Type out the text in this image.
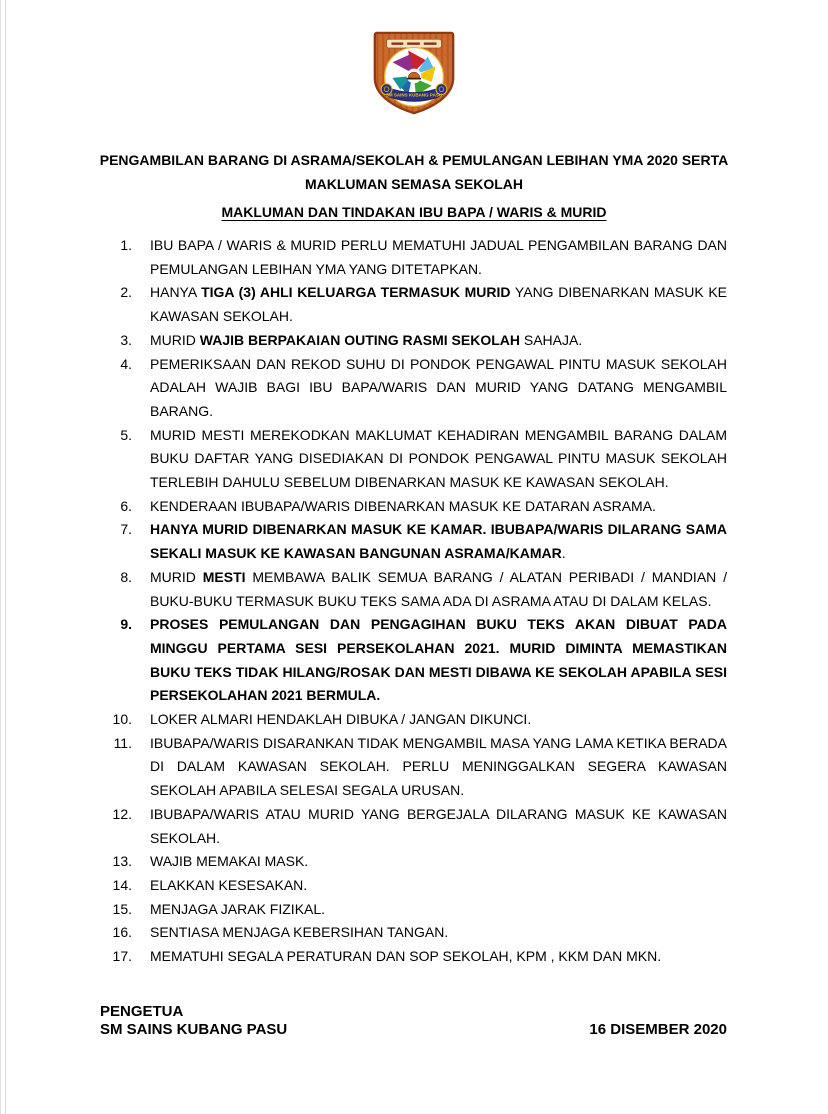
SM SAINS KUBANG PASU
PENGAMBILAN BARANG DI ASRAMA/SEKOLAH & PEMULANGAN LEBIHAN YMA 2020 SERTA
MAKLUMAN SEMASA SEKOLAH
MAKLUMAN DAN TINDAKAN IBU BAPA / WARIS & MURID
1. IBU BAPA / WARIS & MURID PERLU MEMATUHI JADUAL PENGAMBILAN BARANG DAN PEMULANGAN LEBIHAN YMA YANG DITETAPKAN.
2. HANYA TIGA (3) AHLI KELUARGA TERMASUK MURID YANG DIBENARKAN MASUK KE KAWASAN SEKOLAH.
3. MURID WAJIB BERPAKAIAN OUTING RASMI SEKOLAH SAHAJA.
4. PEMERIKSAAN DAN REKOD SUHU DI PONDOK PENGAWAL PINTU MASUK SEKOLAH ADALAH WAJIB BAGI IBU BAPA/WARIS DAN MURID YANG DATANG MENGAMBIL BARANG.
5. MURID MESTI MEREKODKAN MAKLUMAT KEHADIRAN MENGAMBIL BARANG DALAM BUKU DAFTAR YANG DISEDIAKAN DI PONDOK PENGAWAL PINTU MASUK SEKOLAH TERLEBIH DAHULU SEBELUM DIBENARKAN MASUK KE KAWASAN SEKOLAH.
6. KENDERAAN IBUBAPA/WARIS DIBENARKAN MASUK KE DATARAN ASRAMA.
7. HANYA MURID DIBENARKAN MASUK KE KAMAR. IBUBAPA/WARIS DILARANG SAMA SEKALI MASUK KE KAWASAN BANGUNAN ASRAMA/KAMAR.
8. MURID MESTI MEMBAWA BALIK SEMUA BARANG / ALATAN PERIBADI / MANDIAN / BUKU-BUKU TERMASUK BUKU TEKS SAMA ADA DI ASRAMA ATAU DI DALAM KELAS.
9. PROSES PEMULANGAN DAN PENGAGIHAN BUKU TEKS AKAN DIBUAT PADA MINGGU PERTAMA SESI PERSEKOLAHAN 2021. MURID DIMINTA MEMASTIKAN BUKU TEKS TIDAK HILANG/ROSAK DAN MESTI DIBAWA KE SEKOLAH APABILA SESI PERSEKOLAHAN 2021 BERMULA.
10. LOKER ALMARI HENDAKLAH DIBUKA / JANGAN DIKUNCI.
11. IBUBAPA/WARIS DISARANKAN TIDAK MENGAMBIL MASA YANG LAMA KETIKA BERADA DI DALAM KAWASAN SEKOLAH. PERLU MENINGGALKAN SEGERA KAWASAN SEKOLAH APABILA SELESAI SEGALA URUSAN.
12. IBUBAPA/WARIS ATAU MURID YANG BERGEJALA DILARANG MASUK KE KAWASAN SEKOLAH.
13. WAJIB MEMAKAI MASK.
14. ELAKKAN KESESAKAN.
15. MENJAGA JARAK FIZIKAL.
16. SENTIASA MENJAGA KEBERSIHAN TANGAN.
17. MEMATUHI SEGALA PERATURAN DAN SOP SEKOLAH, KPM , KKM DAN MKN.
PENGETUA
SM SAINS KUBANG PASU	16 DISEMBER 2020
